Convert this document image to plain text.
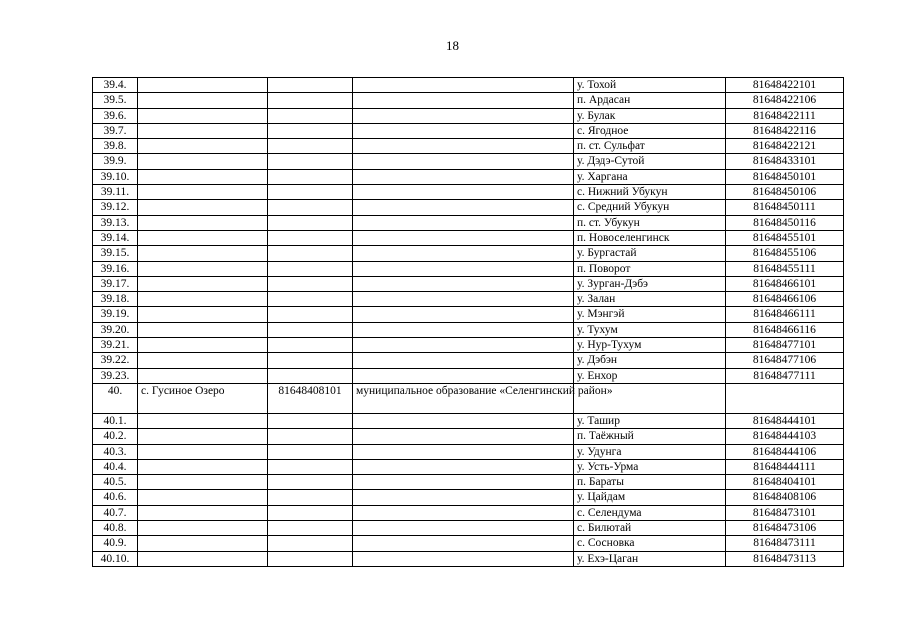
18
39.4.				у. Тохой	81648422101
39.5.				п. Ардасан	81648422106
39.6.				у. Булак	81648422111
39.7.				с. Ягодное	81648422116
39.8.				п. ст. Сульфат	81648422121
39.9.				у. Дэдэ-Сутой	81648433101
39.10.				у. Харгана	81648450101
39.11.				с. Нижний Убукун	81648450106
39.12.				с. Средний Убукун	81648450111
39.13.				п. ст. Убукун	81648450116
39.14.				п. Новоселенгинск	81648455101
39.15.				у. Бургастай	81648455106
39.16.				п. Поворот	81648455111
39.17.				у. Зурган-Дэбэ	81648466101
39.18.				у. Залан	81648466106
39.19.				у. Мэнгэй	81648466111
39.20.				у. Тухум	81648466116
39.21.				у. Нур-Тухум	81648477101
39.22.				у. Дэбэн	81648477106
39.23.				у. Енхор	81648477111
40.	с. Гусиное Озеро	81648408101	муниципальное образование «Селенгинский район»		
40.1.				у. Ташир	81648444101
40.2.				п. Таёжный	81648444103
40.3.				у. Удунга	81648444106
40.4.				у. Усть-Урма	81648444111
40.5.				п. Бараты	81648404101
40.6.				у. Цайдам	81648408106
40.7.				с. Селендума	81648473101
40.8.				с. Билютай	81648473106
40.9.				с. Сосновка	81648473111
40.10.				у. Ехэ-Цаган	81648473113
